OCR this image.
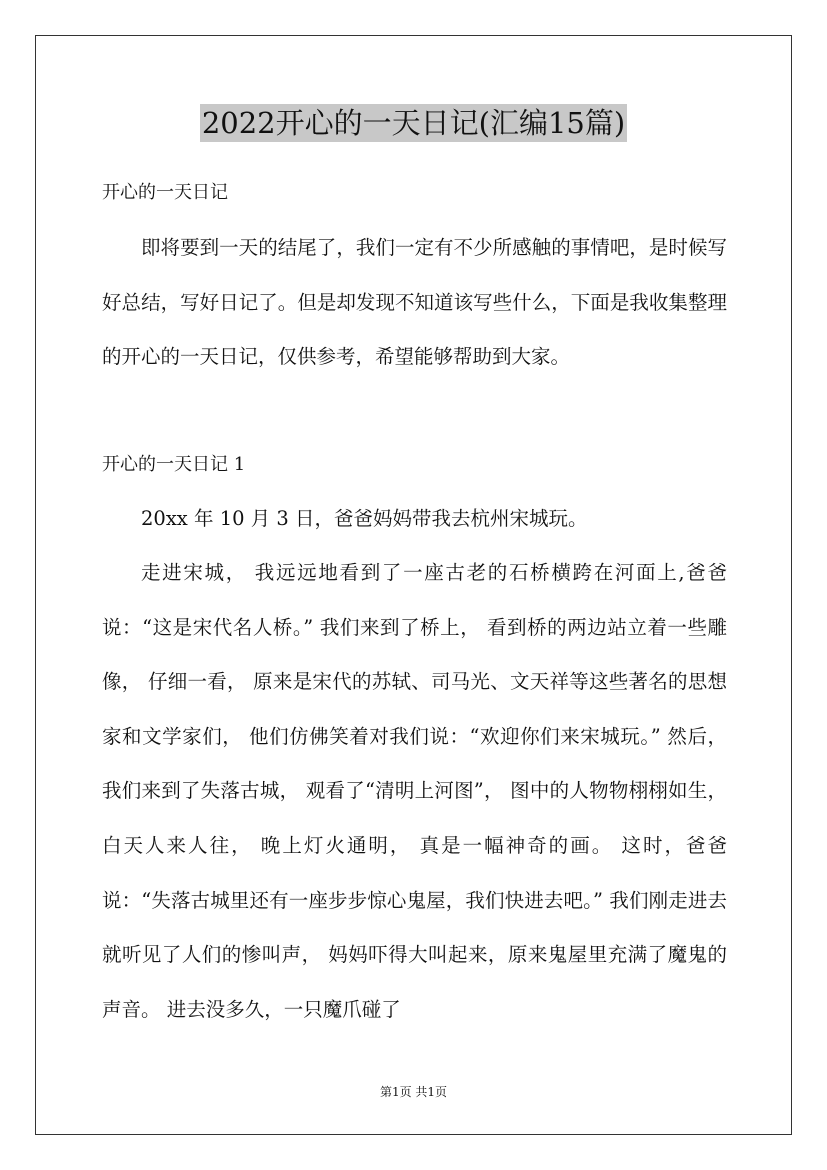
2022开心的一天日记(汇编15篇)
开心的一天日记

即将要到一天的结尾了，我们一定有不少所感触的事情吧，是时候写好总结，写好日记了。但是却发现不知道该写些什么，下面是我收集整理的开心的一天日记，仅供参考，希望能够帮助到大家。

开心的一天日记 1

20xx 年 10 月 3 日，爸爸妈妈带我去杭州宋城玩。

走进宋城， 我远远地看到了一座古老的石桥横跨在河面上,爸爸说：“这是宋代名人桥。” 我们来到了桥上， 看到桥的两边站立着一些雕像， 仔细一看， 原来是宋代的苏轼、司马光、文天祥等这些著名的思想家和文学家们， 他们仿佛笑着对我们说：“欢迎你们来宋城玩。” 然后， 我们来到了失落古城， 观看了“清明上河图”， 图中的人物物栩栩如生， 白天人来人往， 晚上灯火通明， 真是一幅神奇的画。 这时，爸爸说：“失落古城里还有一座步步惊心鬼屋，我们快进去吧。” 我们刚走进去就听见了人们的惨叫声， 妈妈吓得大叫起来，原来鬼屋里充满了魔鬼的声音。 进去没多久，一只魔爪碰了

第1页 共1页
